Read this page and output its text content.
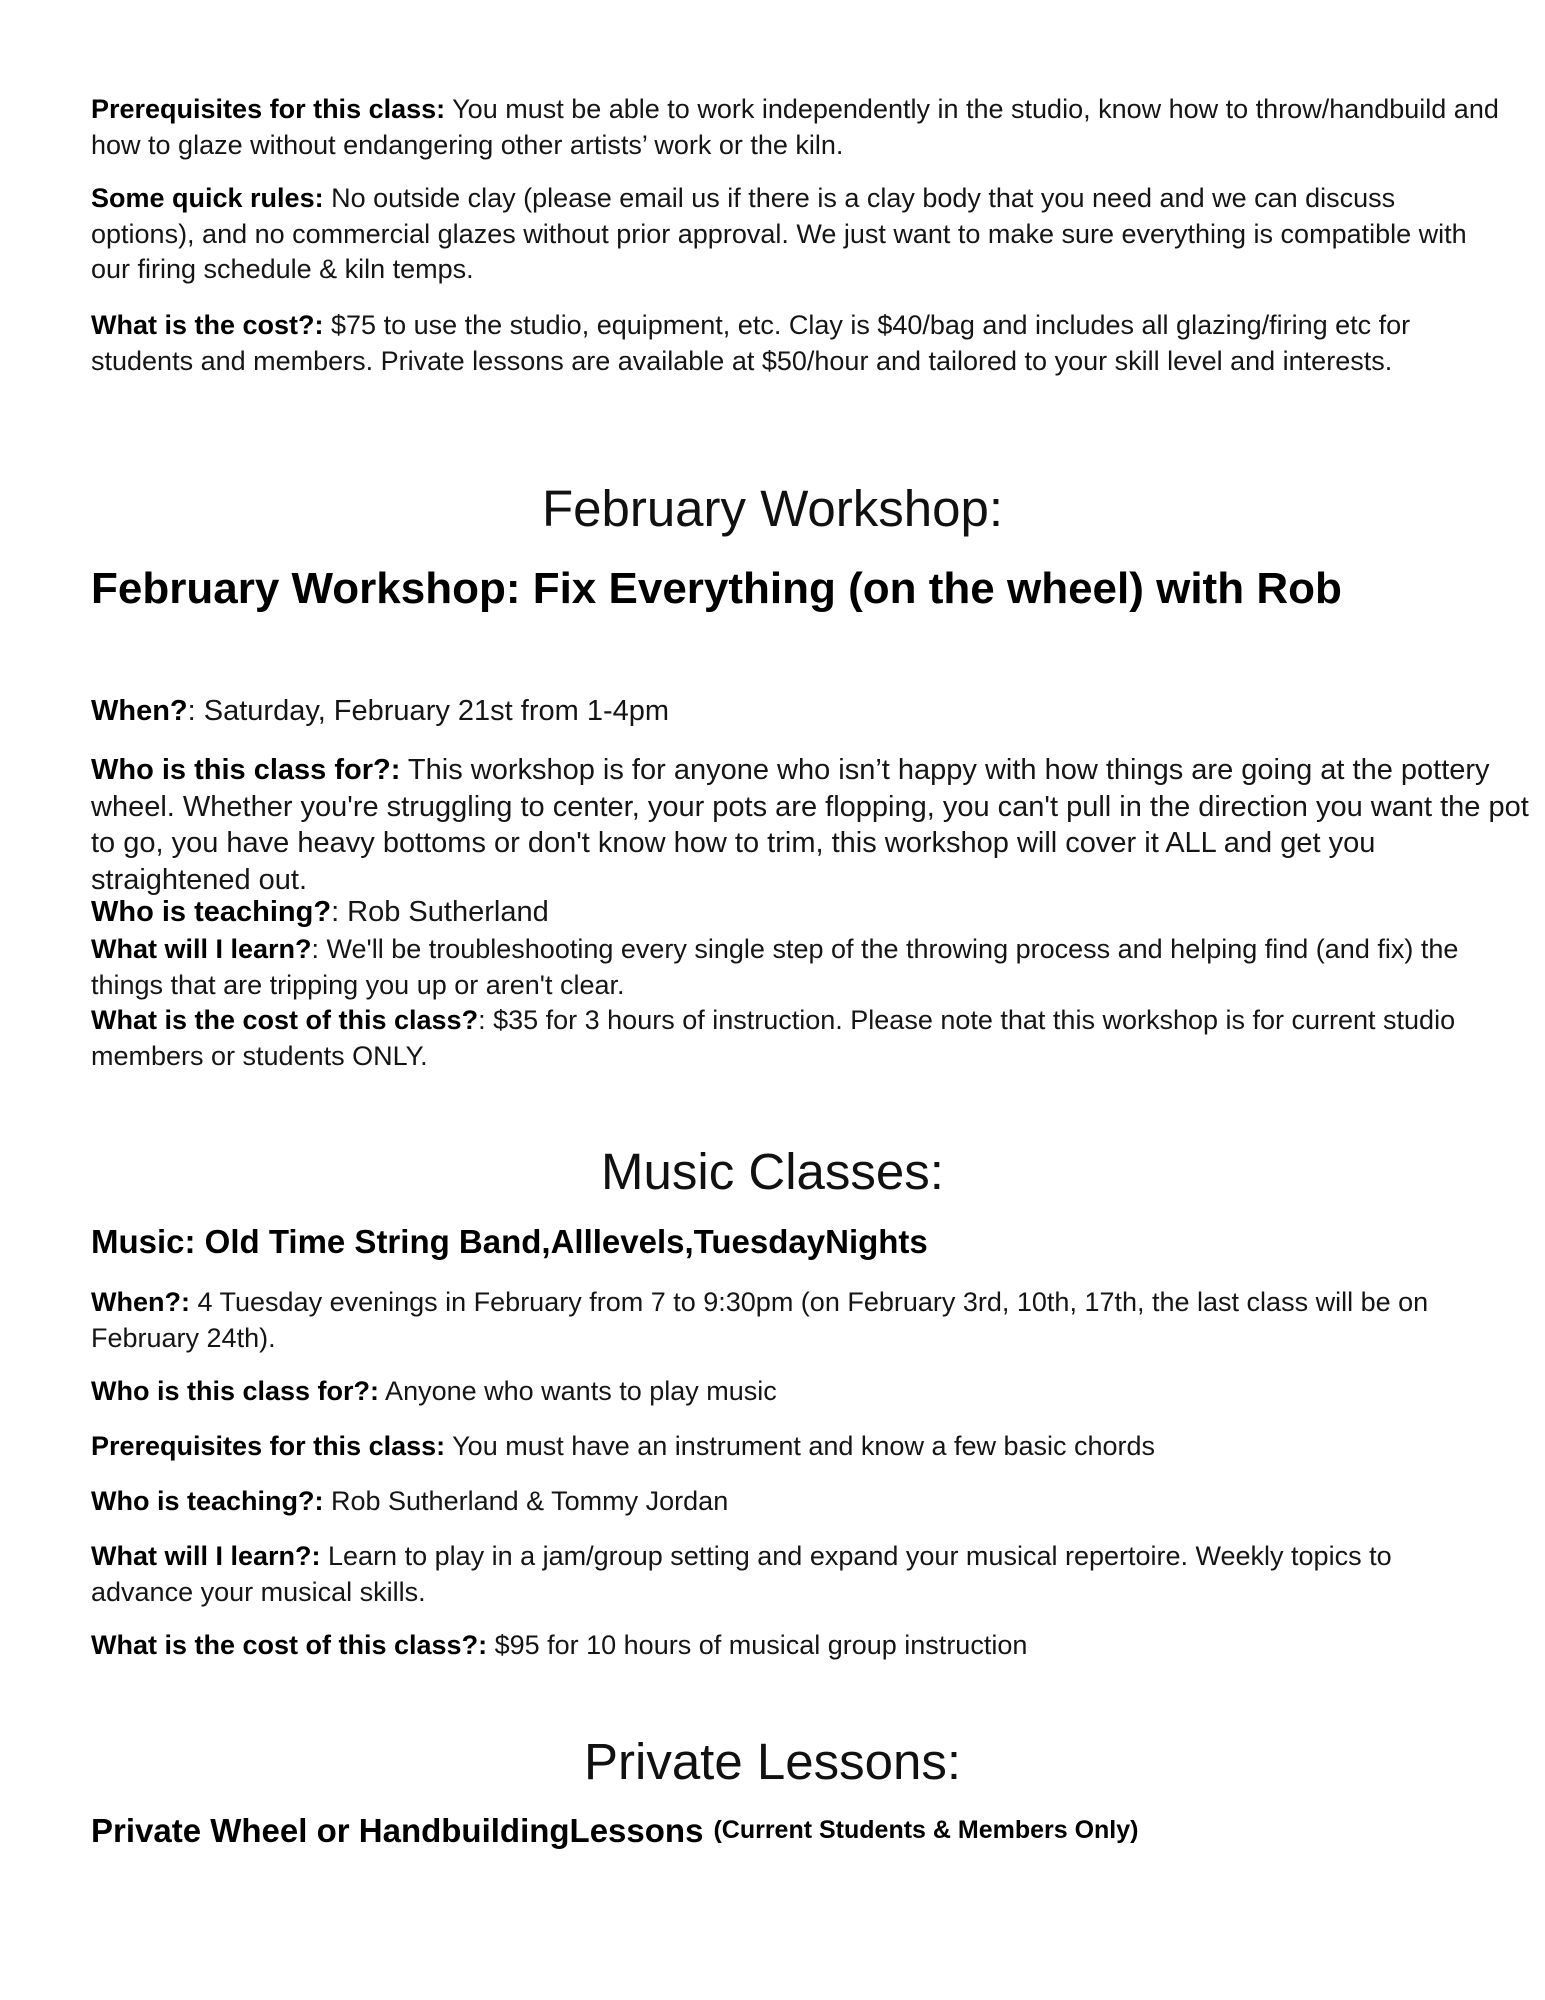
Prerequisites for this class: You must be able to work independently in the studio, know how to throw/handbuild and how to glaze without endangering other artists’ work or the kiln.

Some quick rules: No outside clay (please email us if there is a clay body that you need and we can discuss options), and no commercial glazes without prior approval. We just want to make sure everything is compatible with our firing schedule & kiln temps.

What is the cost?: $75 to use the studio, equipment, etc. Clay is $40/bag and includes all glazing/firing etc for students and members. Private lessons are available at $50/hour and tailored to your skill level and interests.

February Workshop:
February Workshop: Fix Everything (on the wheel) with Rob

When?: Saturday, February 21st from 1-4pm

Who is this class for?: This workshop is for anyone who isn’t happy with how things are going at the pottery wheel. Whether you're struggling to center, your pots are flopping, you can't pull in the direction you want the pot to go, you have heavy bottoms or don't know how to trim, this workshop will cover it ALL and get you straightened out.

Who is teaching?: Rob Sutherland

What will I learn?: We'll be troubleshooting every single step of the throwing process and helping find (and fix) the things that are tripping you up or aren't clear.

What is the cost of this class?: $35 for 3 hours of instruction. Please note that this workshop is for current studio members or students ONLY.

Music Classes:
Music: Old Time String Band,Alllevels,TuesdayNights

When?: 4 Tuesday evenings in February from 7 to 9:30pm (on February 3rd, 10th, 17th, the last class will be on February 24th).

Who is this class for?: Anyone who wants to play music

Prerequisites for this class: You must have an instrument and know a few basic chords

Who is teaching?: Rob Sutherland & Tommy Jordan

What will I learn?: Learn to play in a jam/group setting and expand your musical repertoire. Weekly topics to advance your musical skills.

What is the cost of this class?: $95 for 10 hours of musical group instruction

Private Lessons:
Private Wheel or HandbuildingLessons (Current Students & Members Only)
